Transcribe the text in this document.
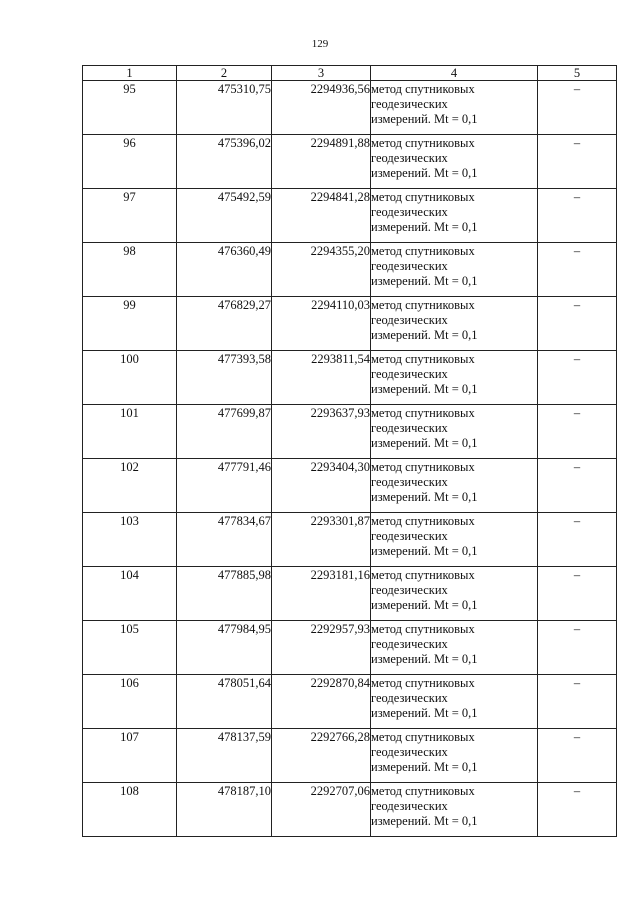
129
1	2	3	4	5
95	475310,75	2294936,56	метод спутниковых
геодезических
измерений. Mt = 0,1	–
96	475396,02	2294891,88	метод спутниковых
геодезических
измерений. Mt = 0,1	–
97	475492,59	2294841,28	метод спутниковых
геодезических
измерений. Mt = 0,1	–
98	476360,49	2294355,20	метод спутниковых
геодезических
измерений. Mt = 0,1	–
99	476829,27	2294110,03	метод спутниковых
геодезических
измерений. Mt = 0,1	–
100	477393,58	2293811,54	метод спутниковых
геодезических
измерений. Mt = 0,1	–
101	477699,87	2293637,93	метод спутниковых
геодезических
измерений. Mt = 0,1	–
102	477791,46	2293404,30	метод спутниковых
геодезических
измерений. Mt = 0,1	–
103	477834,67	2293301,87	метод спутниковых
геодезических
измерений. Mt = 0,1	–
104	477885,98	2293181,16	метод спутниковых
геодезических
измерений. Mt = 0,1	–
105	477984,95	2292957,93	метод спутниковых
геодезических
измерений. Mt = 0,1	–
106	478051,64	2292870,84	метод спутниковых
геодезических
измерений. Mt = 0,1	–
107	478137,59	2292766,28	метод спутниковых
геодезических
измерений. Mt = 0,1	–
108	478187,10	2292707,06	метод спутниковых
геодезических
измерений. Mt = 0,1	–
